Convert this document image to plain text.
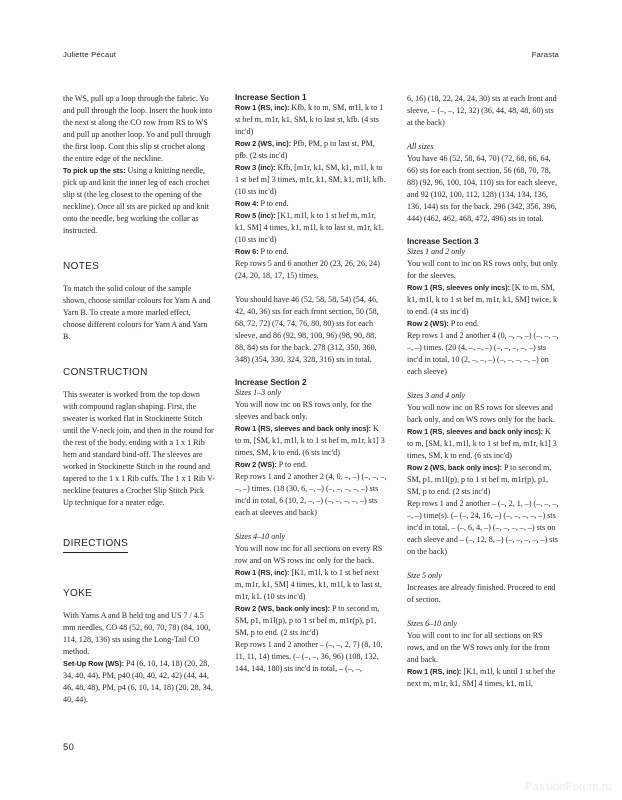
Juliette Pécaut	Farasta

the WS, pull up a loop through the fabric. Yo and pull through the loop. Insert the hook into the next st along the CO row from RS to WS and pull up another loop. Yo and pull through the first loop. Cont this slip st crochet along the entire edge of the neckline.

To pick up the sts: Using a knitting needle, pick up and knit the inner leg of each crochet slip st (the leg closest to the opening of the neckline). Once all sts are picked up and knit onto the needle, beg working the collar as instructed.

NOTES

To match the solid colour of the sample shown, choose similar colours for Yarn A and Yarn B. To create a more marled effect, choose different colours for Yarn A and Yarn B.

CONSTRUCTION

This sweater is worked from the top down with compound raglan shaping. First, the sweater is worked flat in Stockinette Stitch until the V-neck join, and then in the round for the rest of the body, ending with a 1 x 1 Rib hem and standard bind-off. The sleeves are worked in Stockinette Stitch in the round and tapered to the 1 x 1 Rib cuffs. The 1 x 1 Rib V-neckline features a Crochet Slip Stitch Pick Up technique for a neater edge.

DIRECTIONS
YOKE

With Yarns A and B held tog and US 7 / 4.5 mm needles, CO 48 (52, 60, 70, 78) (84, 100, 114, 128, 136) sts using the Long-Tail CO method.

Set-Up Row (WS): P4 (6, 10, 14, 18) (20, 28, 34, 40, 44), PM, p40 (40, 40, 42, 42) (44, 44, 46, 48, 48), PM, p4 (6, 10, 14, 18) (20, 28, 34, 40, 44).

Increase Section 1

Row 1 (RS, inc): Kfb, k to m, SM, m1l, k to 1 st bef m, m1r, k1, SM, k to last st, kfb. (4 sts inc'd)

Row 2 (WS, inc): Pfb, PM, p to last st, PM, pfb. (2 sts inc'd)

Row 3 (inc): Kfb, [m1r, k1, SM, k1, m1l, k to 1 st bef m] 3 times, m1r, k1, SM, k1, m1l, kfb. (10 sts inc'd)

Row 4: P to end.

Row 5 (inc): [K1, m1l, k to 1 st bef m, m1r, k1, SM] 4 times, k1, m1l, k to last st, m1r, k1. (10 sts inc'd)

Row 6: P to end.

Rep rows 5 and 6 another 20 (23, 26, 26, 24) (24, 20, 18, 17, 15) times.

You should have 46 (52, 58, 58, 54) (54, 46, 42, 40, 36) sts for each front section, 50 (58, 68, 72, 72) (74, 74, 76, 80, 80) sts for each sleeve, and 86 (92, 98, 100, 96) (98, 90, 88, 88, 84) sts for the back. 278 (312, 350, 360, 348) (354, 330, 324, 328, 316) sts in total.

Increase Section 2
Sizes 1–3 only

You will now inc on RS rows only, for the sleeves and back only.

Row 1 (RS, sleeves and back only incs): K to m, [SM, k1, m1l, k to 1 st bef m, m1r, k1] 3 times, SM, k to end. (6 sts inc'd)

Row 2 (WS): P to end.

Rep rows 1 and 2 another 2 (4, 0, –, –) (–, –, –, –, –) times. (18 (30, 6, –, –) (–, –, –, –, –) sts inc'd in total, 6 (10, 2, –, –) (–, –, –, –, –) sts each at sleeves and back)

Sizes 4–10 only

You will now inc for all sections on every RS row and on WS rows inc only for the back.

Row 1 (RS, inc): [K1, m1l, k to 1 st bef next m, m1r, k1, SM] 4 times, k1, m1l, k to last st, m1r, k1. (10 sts inc'd)

Row 2 (WS, back only incs): P to second m, SM, p1, m1l(p), p to 1 st bef m, m1r(p), p1, SM, p to end. (2 sts inc'd)

Rep rows 1 and 2 another – (–, –, 2, 7) (8, 10, 11, 11, 14) times. (– (–, –, 36, 96) (108, 132, 144, 144, 180) sts inc'd in total, – (–, –,

6, 16) (18, 22, 24, 24, 30) sts at each front and sleeve, – (–, –, 12, 32) (36, 44, 48, 48, 60) sts at the back)

All sizes

You have 46 (52, 58, 64, 70) (72, 68, 66, 64, 66) sts for each front section, 56 (68, 70, 78, 88) (92, 96, 100, 104, 110) sts for each sleeve, and 92 (102, 100, 112, 128) (134, 134, 136, 136, 144) sts for the back. 296 (342, 356, 396, 444) (462, 462, 468, 472, 496) sts in total.

Increase Section 3
Sizes 1 and 2 only

You will cont to inc on RS rows only, but only for the sleeves.

Row 1 (RS, sleeves only incs): [K to m, SM, k1, m1l, k to 1 st bef m, m1r, k1, SM] twice, k to end. (4 sts inc'd)

Row 2 (WS): P to end.

Rep rows 1 and 2 another 4 (0, –, –, –) (–, –, –, –, –) times. (20 (4, –, –, –) (–, –, –, –, –) sts inc'd in total, 10 (2, –, –, –) (–, –, –, –, –) on each sleeve)

Sizes 3 and 4 only

You will now inc on RS rows for sleeves and back only, and on WS rows only for the back.

Row 1 (RS, sleeves and back only incs): K to m, [SM, k1, m1l, k to 1 st bef m, m1r, k1] 3 times, SM, k to end. (6 sts inc'd)

Row 2 (WS, back only incs): P to second m, SM, p1, m1l(p), p to 1 st bef m, m1r(p), p1, SM, p to end. (2 sts inc'd)

Rep rows 1 and 2 another – (–, 2, 1, –) (–, –, –, –, –) time(s). (– (–, 24, 16, –) (–, –, –, –, –) sts inc'd in total, – (–, 6, 4, –) (–, –, –, –, –) sts on each sleeve and – (–, 12, 8, –) (–, –, –, –, –) sts on the back)

Size 5 only

Increases are already finished. Proceed to end of section.

Sizes 6–10 only

You will cont to inc for all sections on RS rows, and on the WS rows only for the front and back.

Row 1 (RS, inc): [K1, m1l, k until 1 st bef the next m, m1r, k1, SM] 4 times, k1, m1l,

50
PassionForum.ru
